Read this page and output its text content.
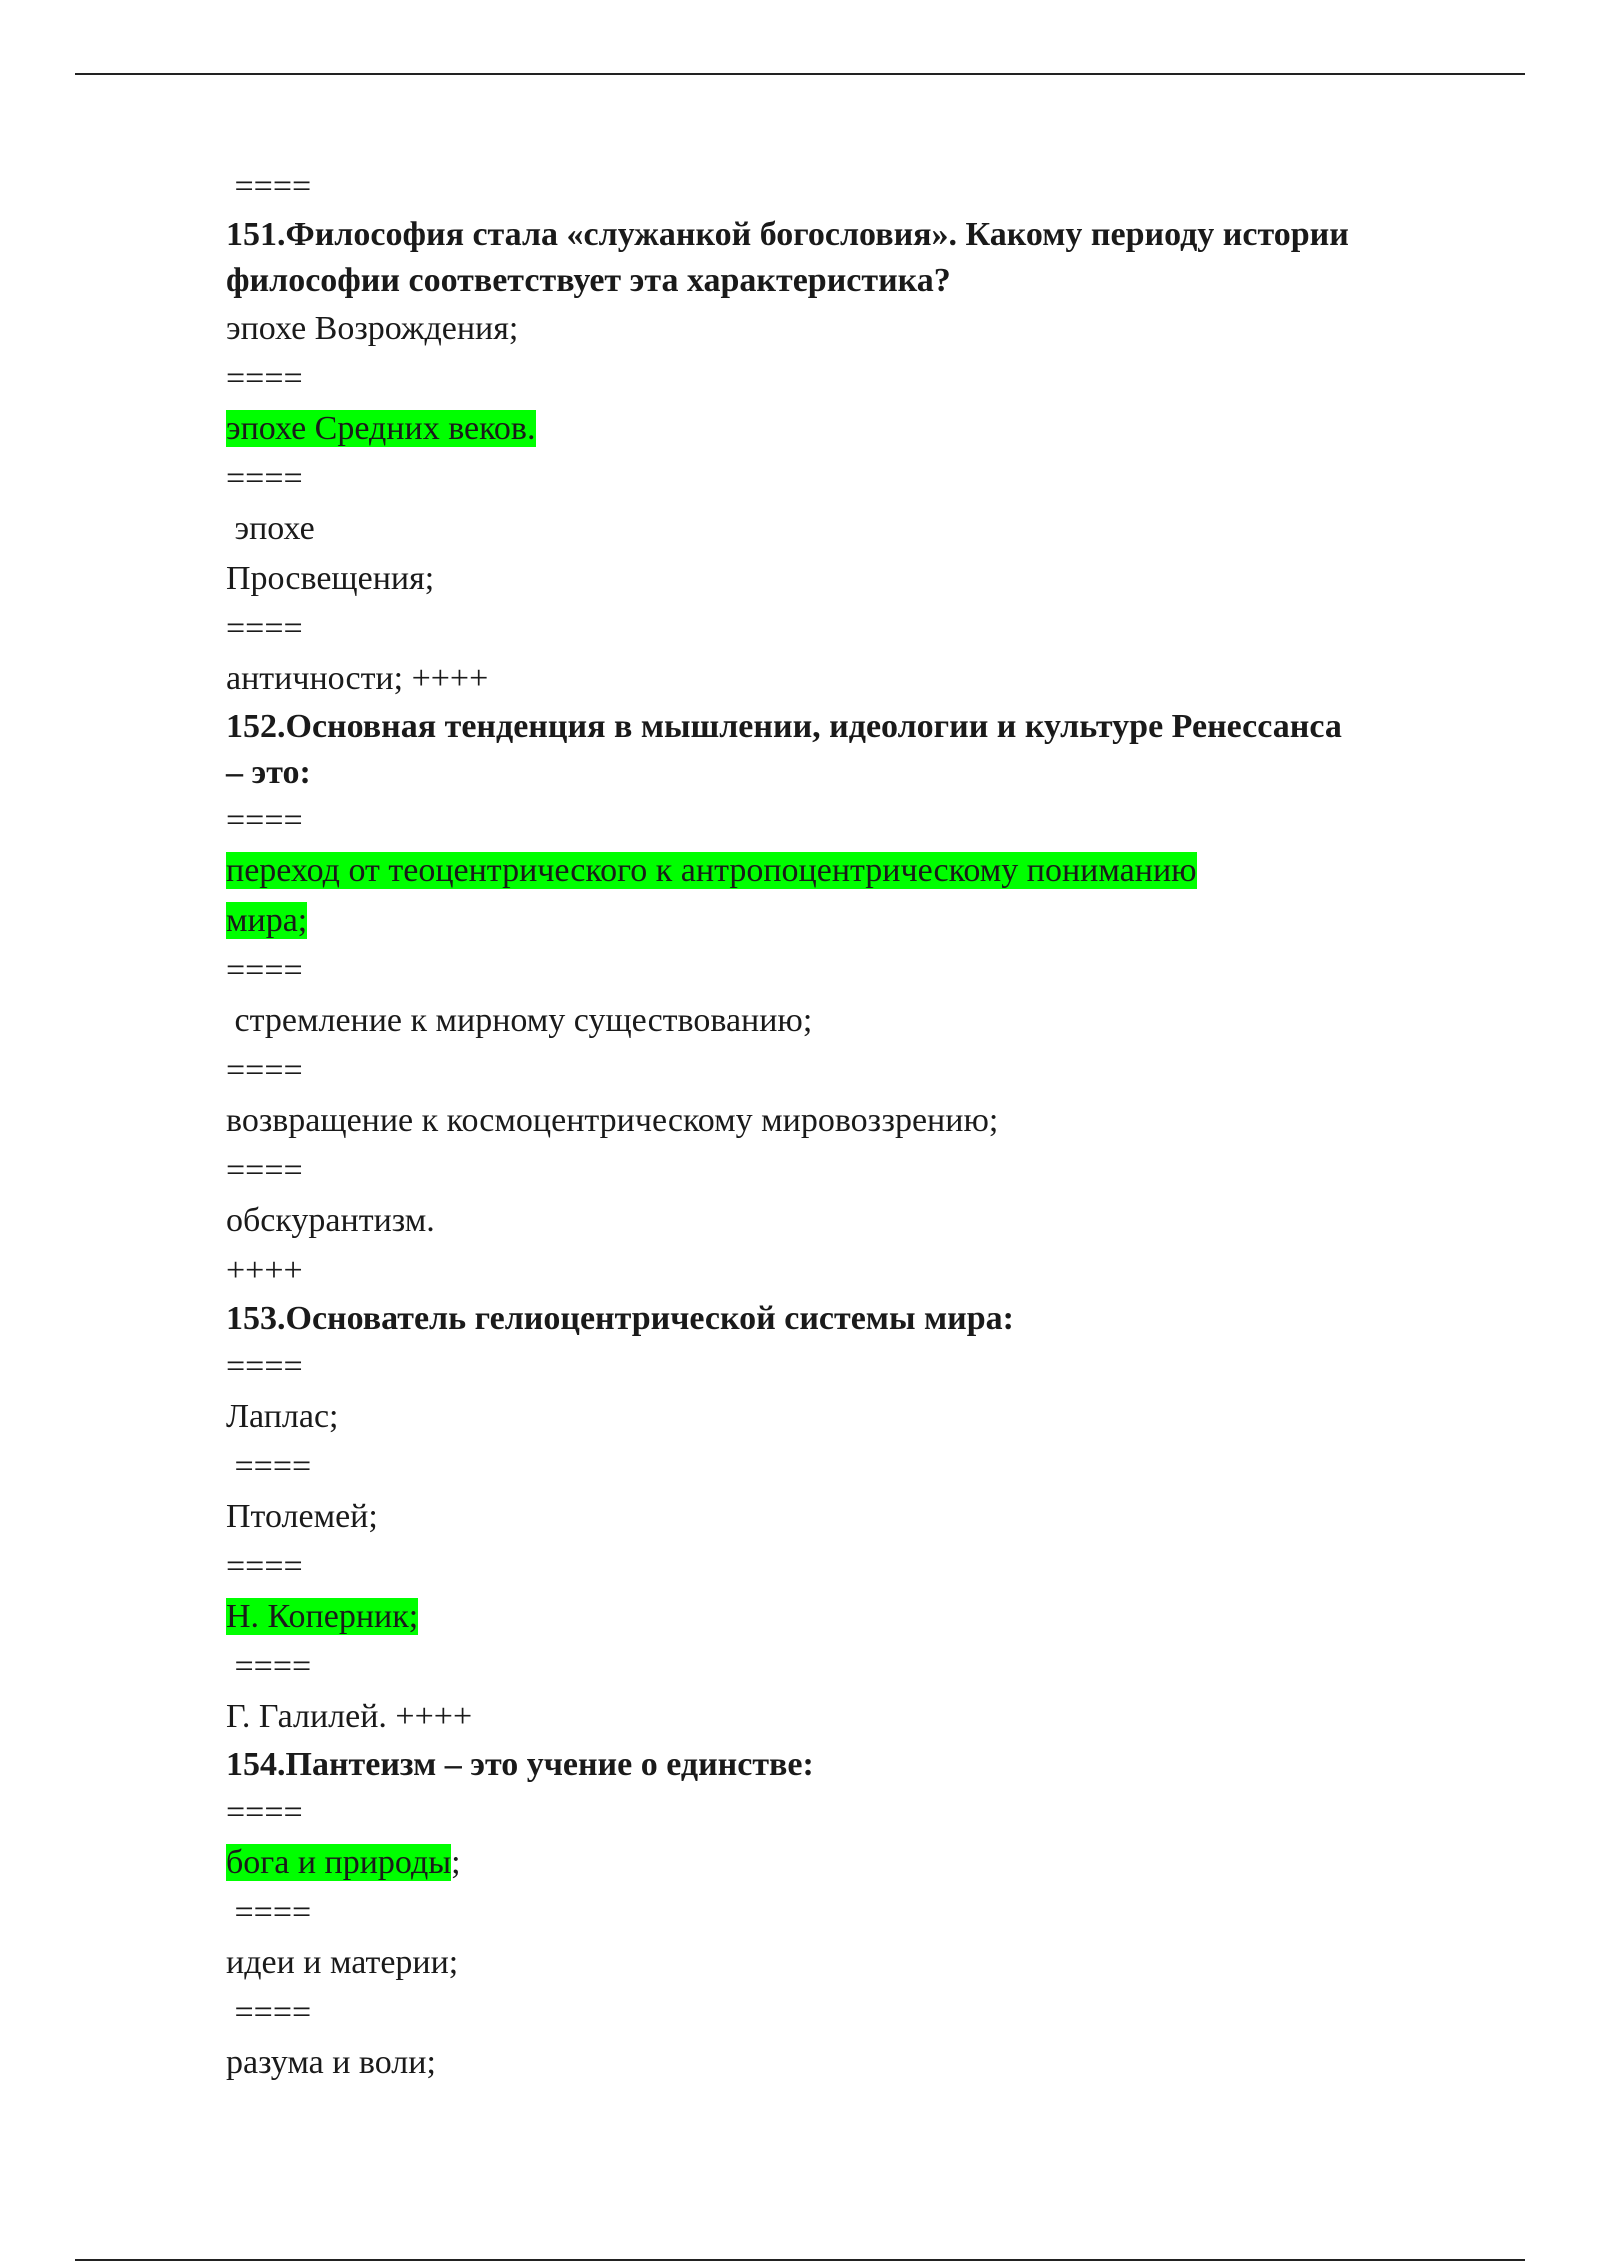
====
151.Философия стала «служанкой богословия». Какому периоду истории
философии соответствует эта характеристика?
эпохе Возрождения;
====
эпохе Средних веков.
====
эпохе
Просвещения;
====
античности; ++++
152.Основная тенденция в мышлении, идеологии и культуре Ренессанса
– это:
====
переход от теоцентрического к антропоцентрическому пониманию
мира;
====
стремление к мирному существованию;
====
возвращение к космоцентрическому мировоззрению;
====
обскурантизм.
++++
153.Основатель гелиоцентрической системы мира:
====
Лаплас;
====
Птолемей;
====
Н. Коперник;
====
Г. Галилей. ++++
154.Пантеизм – это учение о единстве:
====
бога и природы;
====
идеи и материи;
====
разума и воли;
